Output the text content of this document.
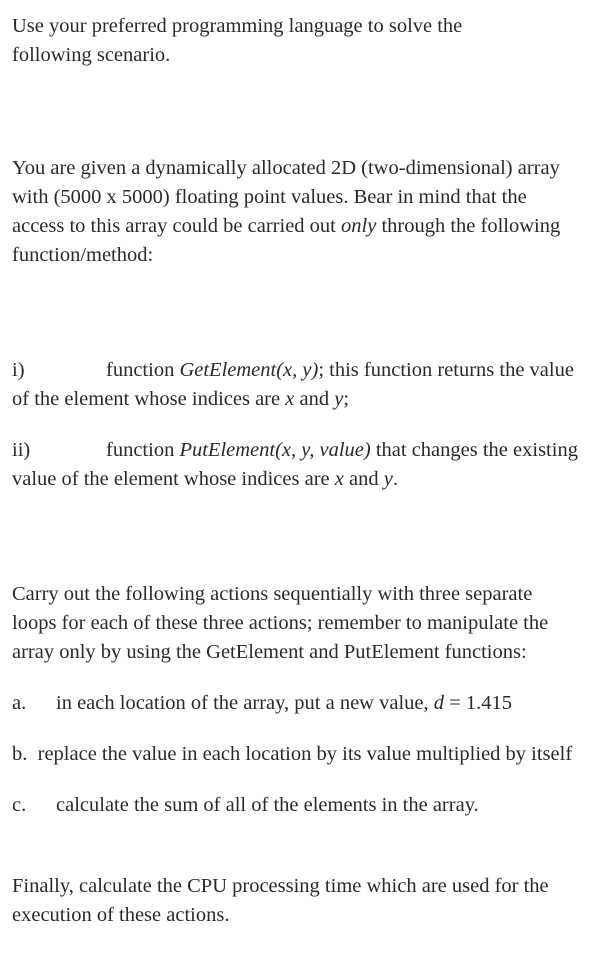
Use your preferred programming language to solve the
following scenario.

You are given a dynamically allocated 2D (two-dimensional) array with (5000 x 5000) floating point values. Bear in mind that the access to this array could be carried out only through the following function/method:

i)	function GetElement(x, y); this function returns the value of the element whose indices are x and y;

ii)	function PutElement(x, y, value) that changes the existing value of the element whose indices are x and y.

Carry out the following actions sequentially with three separate loops for each of these three actions; remember to manipulate the array only by using the GetElement and PutElement functions:

a. in each location of the array, put a new value, d = 1.415

b. replace the value in each location by its value multiplied by itself

c. calculate the sum of all of the elements in the array.

Finally, calculate the CPU processing time which are used for the execution of these actions.
